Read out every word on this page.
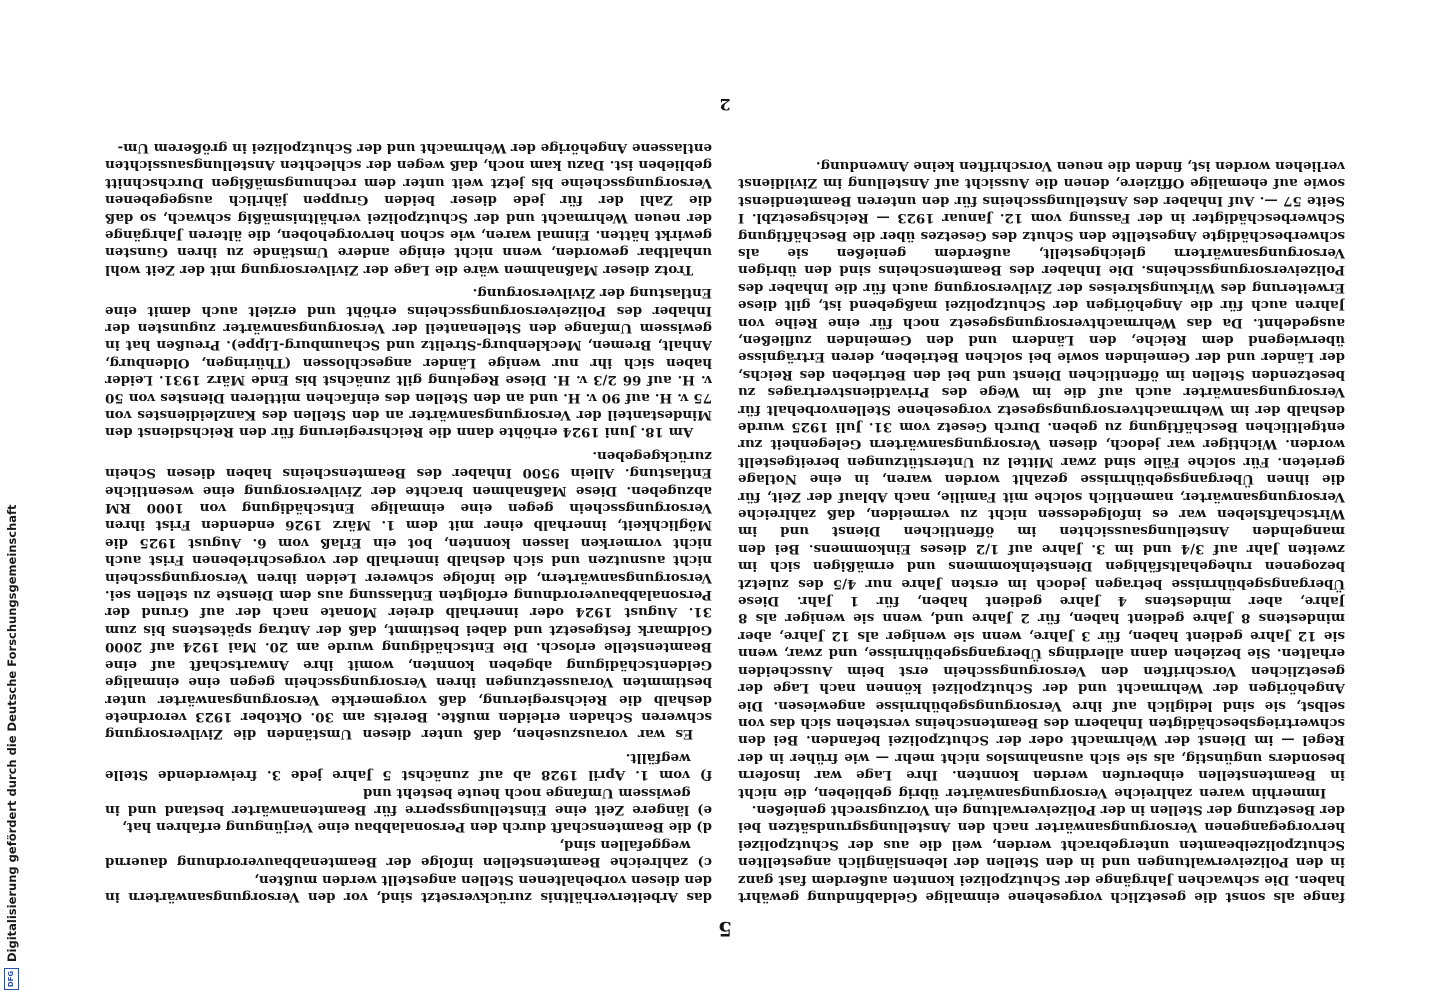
DFG
Digitalisierung gefördert durch die Deutsche Forschungsgemeinschaft	5

fange als sonst die gesetzlich vorgesehene einmalige Geldabfindung gewährt haben. Die schwachen Jahrgänge der Schutzpolizei konnten außerdem fast ganz in den Polizeiverwaltungen und in den Stellen der lebenslänglich angestellten Schutzpolizeibeamten untergebracht werden, weil die aus der Schutzpolizei hervorgegangenen Versorgungsanwärter nach den Anstellungsgrundsätzen bei der Besetzung der Stellen in der Polizeiverwaltung ein Vorzugsrecht genießen.

Immerhin waren zahlreiche Versorgungsanwärter übrig geblieben, die nicht in Beamtenstellen einberufen werden konnten. Ihre Lage war insofern besonders ungünstig, als sie sich ausnahmslos nicht mehr — wie früher in der Regel — im Dienst der Wehrmacht oder der Schutzpolizei befanden. Bei den schwertriegsbeschädigten Inhabern des Beamtenscheins verstehen sich das von selbst, sie sind lediglich auf ihre Versorgungsgebührnisse angewiesen. Die Angehörigen der Wehrmacht und der Schutzpolizei können nach Lage der gesetzlichen Vorschriften den Versorgungsschein erst beim Ausscheiden erhalten. Sie beziehen dann allerdings Übergangsgebührnisse, und zwar, wenn sie 12 Jahre gedient haben, für 3 Jahre, wenn sie weniger als 12 Jahre, aber mindestens 8 Jahre gedient haben, für 2 Jahre und, wenn sie weniger als 8 Jahre, aber mindestens 4 Jahre gedient haben, für 1 Jahr. Diese Übergangsgebührnisse betragen jedoch im ersten Jahre nur 4/5 des zuletzt bezogenen ruhegehaltsfähigen Diensteinkommens und ermäßigen sich im zweiten Jahr auf 3/4 und im 3. Jahre auf 1/2 dieses Einkommens. Bei den mangelnden Anstellungsaussichten im öffentlichen Dienst und im Wirtschaftsleben war es infolgedessen nicht zu vermeiden, daß zahlreiche Versorgungsanwärter, namentlich solche mit Familie, nach Ablauf der Zeit, für die ihnen Übergangsgebührnisse gezahlt worden waren, in eine Notlage gerieten. Für solche Fälle sind zwar Mittel zu Unterstützungen bereitgestellt worden. Wichtiger war jedoch, diesen Versorgungsanwärtern Gelegenheit zur entgeltlichen Beschäftigung zu geben. Durch Gesetz vom 31. Juli 1925 wurde deshalb der im Wehrmachtversorgungsgesetz vorgesehene Stellenvorbehalt für Versorgungsanwärter auch auf die im Wege des Privatdienstvertrages zu besetzenden Stellen im öffentlichen Dienst und bei den Betrieben des Reichs, der Länder und der Gemeinden sowie bei solchen Betrieben, deren Erträgnisse überwiegend dem Reiche, den Ländern und den Gemeinden zufließen, ausgedehnt. Da das Wehrmachtversorgungsgesetz noch für eine Reihe von Jahren auch für die Angehörigen der Schutzpolizei maßgebend ist, gilt diese Erweiterung des Wirkungskreises der Zivilversorgung auch für die Inhaber des Polizeiversorgungsscheins. Die Inhaber des Beamtenscheins sind den übrigen Versorgungsanwärtern gleichgestellt, außerdem genießen sie als schwerbeschädigte Angestellte den Schutz des Gesetzes über die Beschäftigung Schwerbeschädigter in der Fassung vom 12. Januar 1923 — Reichsgesetzbl. I Seite 57 —. Auf Inhaber des Anstellungsscheins für den unteren Beamtendienst sowie auf ehemalige Offiziere, denen die Aussicht auf Anstellung im Zivildienst verliehen worden ist, finden die neuen Vorschriften keine Anwendung.

das Arbeiterverhältnis zurückversetzt sind, vor den Versorgungsanwärtern in den diesen vorbehaltenen Stellen angestellt werden mußten,

c) zahlreiche Beamtenstellen infolge der Beamtenabbauverordnung dauernd weggefallen sind,

d) die Beamtenschaft durch den Personalabbau eine Verjüngung erfahren hat,

e) längere Zeit eine Einstellungssperre für Beamtenanwärter bestand und in gewissem Umfange noch heute besteht und

f) vom 1. April 1928 ab auf zunächst 5 Jahre jede 3. freiwerdende Stelle wegfällt.

Es war vorauszusehen, daß unter diesen Umständen die Zivilversorgung schweren Schaden erleiden mußte. Bereits am 30. Oktober 1923 verordnete deshalb die Reichsregierung, daß vorgemerkte Versorgungsanwärter unter bestimmten Voraussetzungen ihren Versorgungsschein gegen eine einmalige Geldentschädigung abgeben konnten, womit ihre Anwartschaft auf eine Beamtenstelle erlosch. Die Entschädigung wurde am 20. Mai 1924 auf 2000 Goldmark festgesetzt und dabei bestimmt, daß der Antrag spätestens bis zum 31. August 1924 oder innerhalb dreier Monate nach der auf Grund der Personalabbauverordnung erfolgten Entlassung aus dem Dienste zu stellen sei. Versorgungsanwärtern, die infolge schwerer Leiden ihren Versorgungsschein nicht ausnutzen und sich deshalb innerhalb der vorgeschriebenen Frist auch nicht vormerken lassen konnten, bot ein Erlaß vom 6. August 1925 die Möglichkeit, innerhalb einer mit dem 1. März 1926 endenden Frist ihren Versorgungsschein gegen eine einmalige Entschädigung von 1000 RM abzugeben. Diese Maßnahmen brachte der Zivilversorgung eine wesentliche Entlastung. Allein 9500 Inhaber des Beamtenscheins haben diesen Schein zurückgegeben.

Am 18. Juni 1924 erhöhte dann die Reichsregierung für den Reichsdienst den Mindestanteil der Versorgungsanwärter an den Stellen des Kanzleidienstes von 75 v. H. auf 90 v. H. und an den Stellen des einfachen mittleren Dienstes von 50 v. H. auf 66 2/3 v. H. Diese Regelung gilt zunächst bis Ende März 1931. Leider haben sich ihr nur wenige Länder angeschlossen (Thüringen, Oldenburg, Anhalt, Bremen, Mecklenburg-Strelitz und Schaumburg-Lippe). Preußen hat in gewissem Umfange den Stellenanteil der Versorgungsanwärter zugunsten der Inhaber des Polizeiversorgungsscheins erhöht und erzielt auch damit eine Entlastung der Zivilversorgung.

Trotz dieser Maßnahmen wäre die Lage der Zivilversorgung mit der Zeit wohl unhaltbar geworden, wenn nicht einige andere Umstände zu ihren Gunsten gewirkt hätten. Einmal waren, wie schon hervorgehoben, die älteren Jahrgänge der neuen Wehrmacht und der Schutzpolizei verhältnismäßig schwach, so daß die Zahl der für jede dieser beiden Gruppen jährlich ausgegebenen Versorgungsscheine bis jetzt weit unter dem rechnungsmäßigen Durchschnitt geblieben ist. Dazu kam noch, daß wegen der schlechten Anstellungsaussichten entlassene Angehörige der Wehrmacht und der Schutzpolizei in größerem Um-

2
